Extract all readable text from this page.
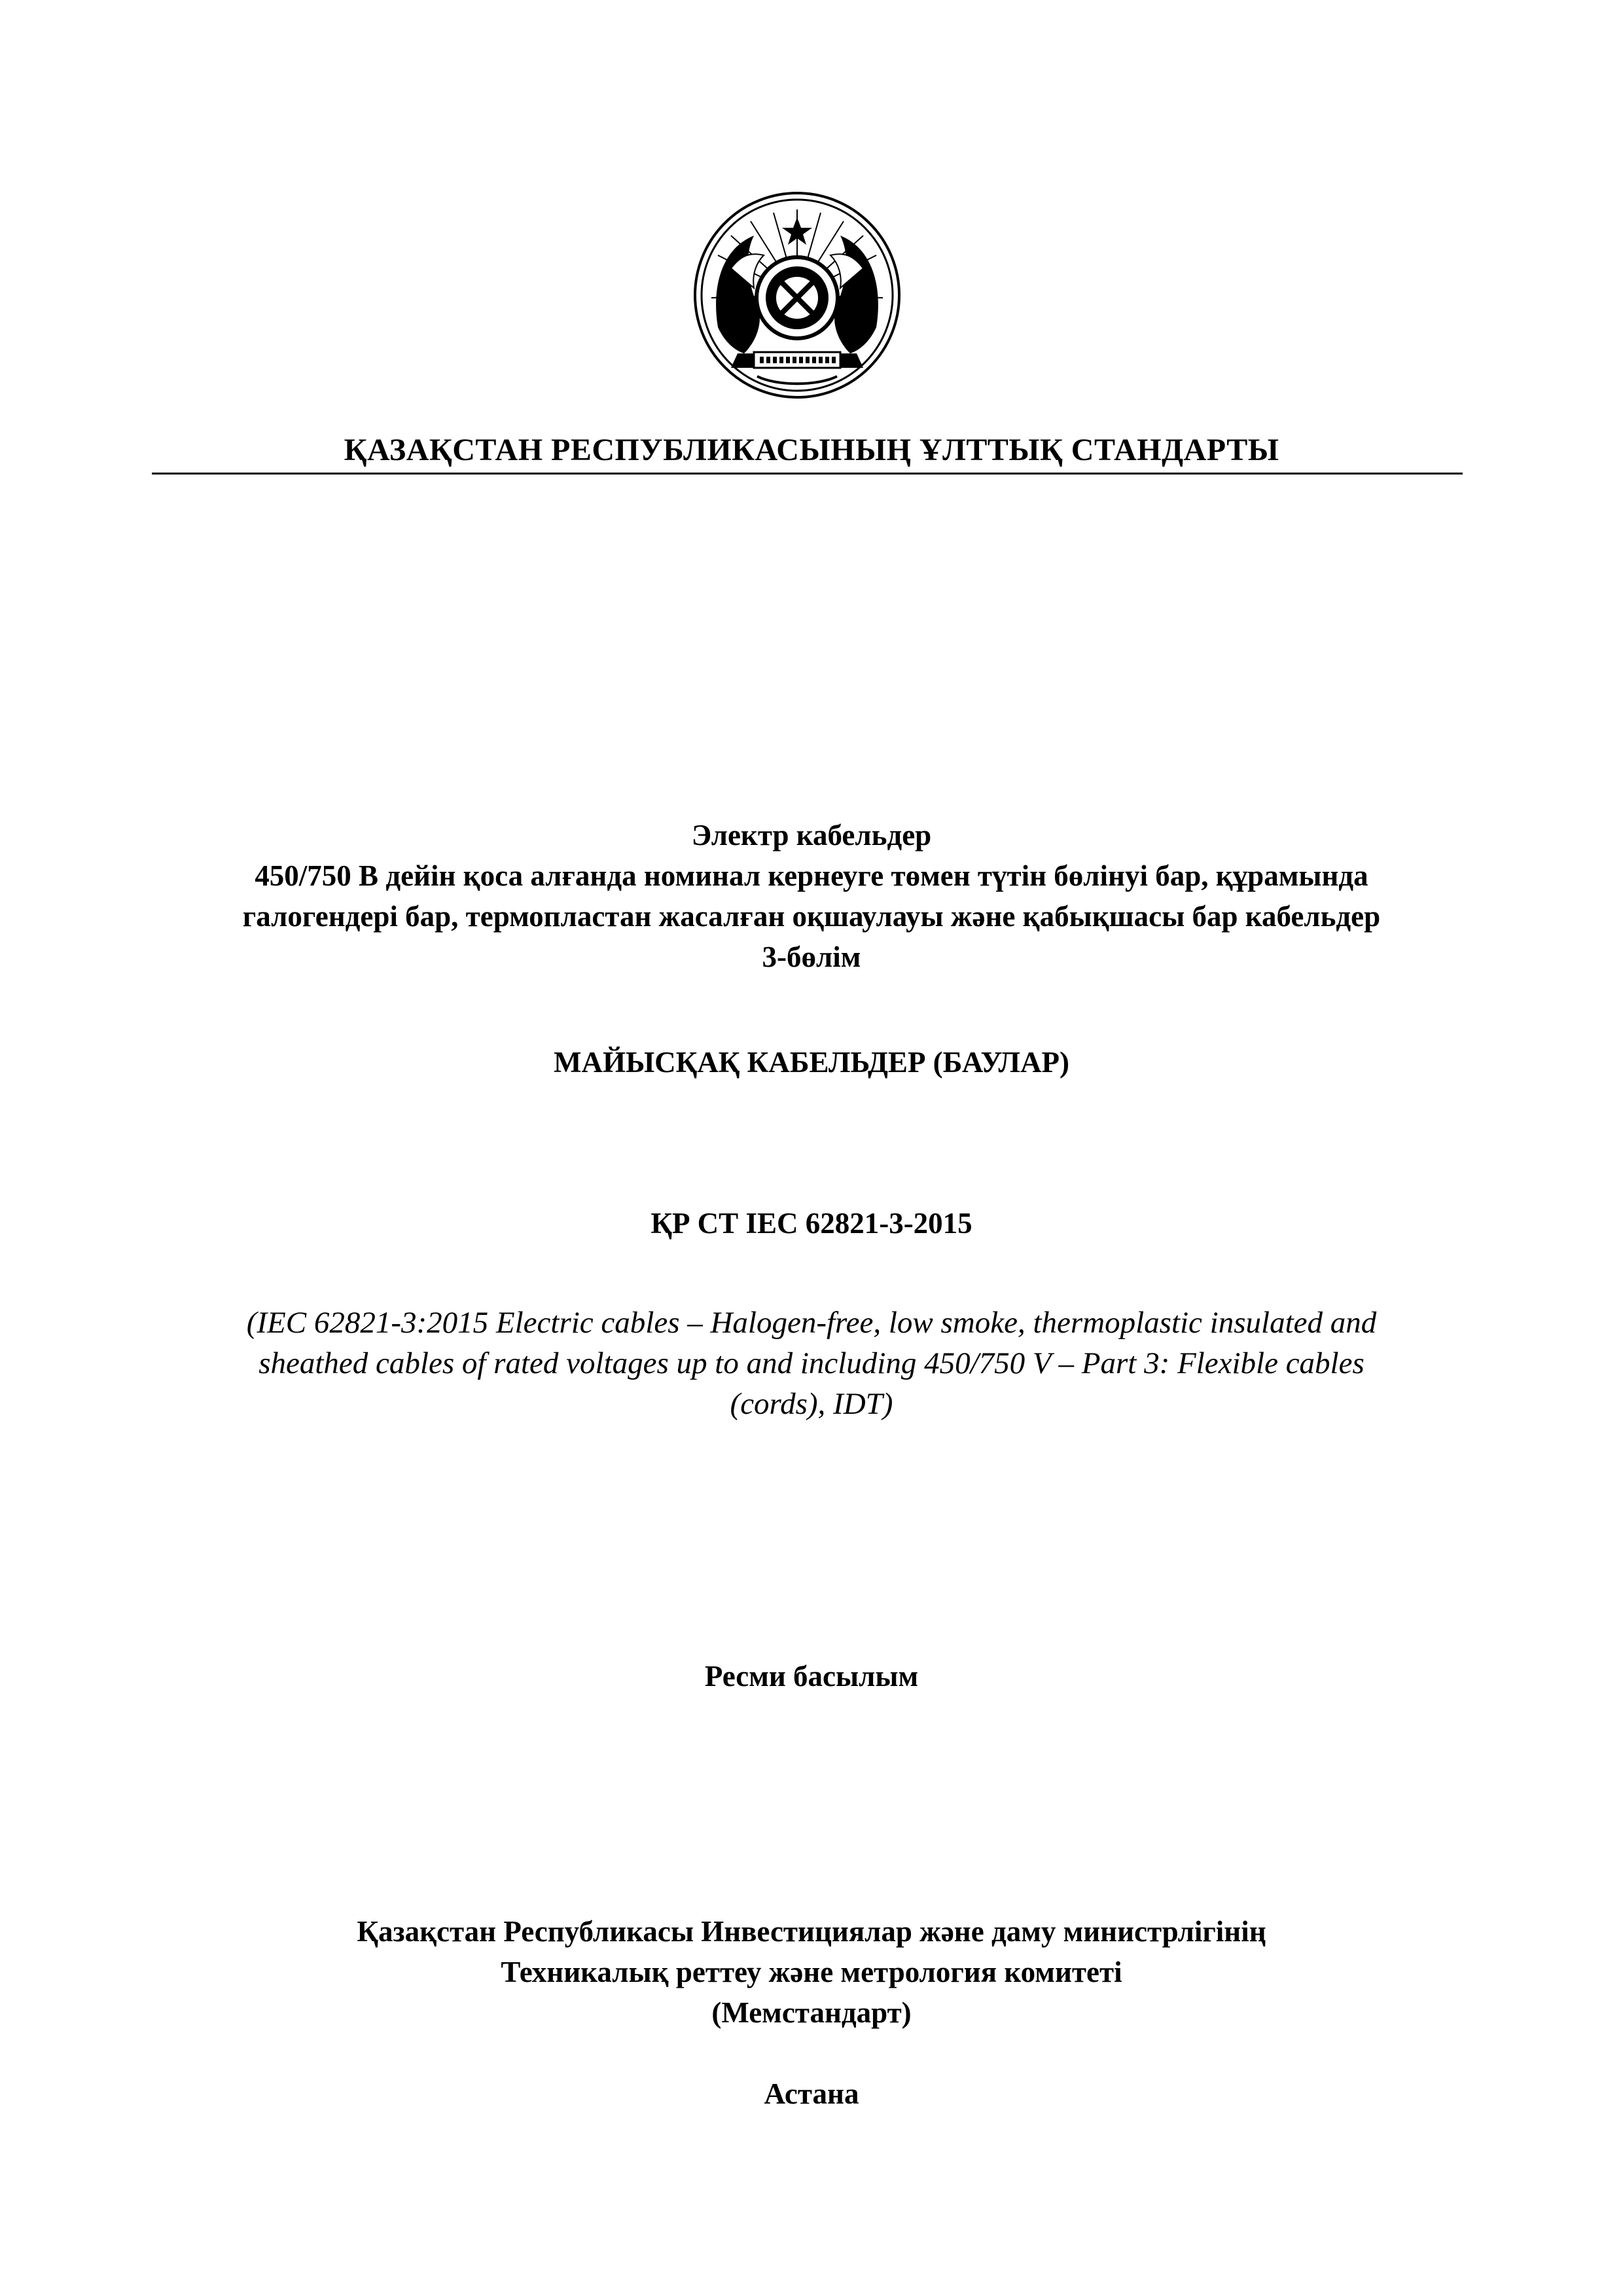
ҚАЗАҚСТАН РЕСПУБЛИКАСЫНЫҢ ҰЛТТЫҚ СТАНДАРТЫ
Электр кабельдер
450/750 В дейін қоса алғанда номинал кернеуге төмен түтін бөлінуі бар, құрамында
галогендері бар, термопластан жасалған оқшаулауы және қабықшасы бар кабельдер
3-бөлім
МАЙЫСҚАҚ КАБЕЛЬДЕР (БАУЛАР)
ҚР СТ IEC 62821-3-2015
(IEC 62821-3:2015 Electric cables – Halogen-free, low smoke, thermoplastic insulated and
sheathed cables of rated voltages up to and including 450/750 V – Part 3: Flexible cables
(cords), IDT)
Ресми басылым
Қазақстан Республикасы Инвестициялар және даму министрлігінің
Техникалық реттеу және метрология комитеті
(Мемстандарт)
Астана
